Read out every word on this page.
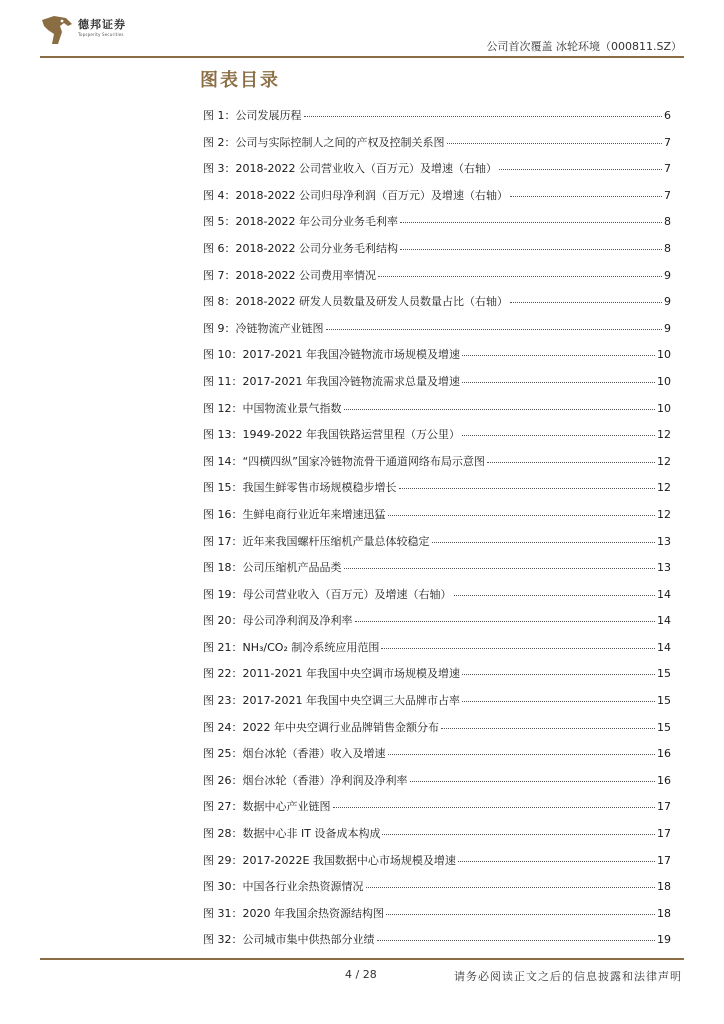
德邦证券
Topsperity Securities
公司首次覆盖 冰轮环境（000811.SZ）
图表目录
图 1：公司发展历程	6
图 2：公司与实际控制人之间的产权及控制关系图	7
图 3：2018-2022 公司营业收入（百万元）及增速（右轴）	7
图 4：2018-2022 公司归母净利润（百万元）及增速（右轴）	7
图 5：2018-2022 年公司分业务毛利率	8
图 6：2018-2022 公司分业务毛利结构	8
图 7：2018-2022 公司费用率情况	9
图 8：2018-2022 研发人员数量及研发人员数量占比（右轴）	9
图 9：冷链物流产业链图	9
图 10：2017-2021 年我国冷链物流市场规模及增速	10
图 11：2017-2021 年我国冷链物流需求总量及增速	10
图 12：中国物流业景气指数	10
图 13：1949-2022 年我国铁路运营里程（万公里）	12
图 14：“四横四纵”国家冷链物流骨干通道网络布局示意图	12
图 15：我国生鲜零售市场规模稳步增长	12
图 16：生鲜电商行业近年来增速迅猛	12
图 17：近年来我国螺杆压缩机产量总体较稳定	13
图 18：公司压缩机产品品类	13
图 19：母公司营业收入（百万元）及增速（右轴）	14
图 20：母公司净利润及净利率	14
图 21：NH₃/CO₂ 制冷系统应用范围	14
图 22：2011-2021 年我国中央空调市场规模及增速	15
图 23：2017-2021 年我国中央空调三大品牌市占率	15
图 24：2022 年中央空调行业品牌销售金额分布	15
图 25：烟台冰轮（香港）收入及增速	16
图 26：烟台冰轮（香港）净利润及净利率	16
图 27：数据中心产业链图	17
图 28：数据中心非 IT 设备成本构成	17
图 29：2017-2022E 我国数据中心市场规模及增速	17
图 30：中国各行业余热资源情况	18
图 31：2020 年我国余热资源结构图	18
图 32：公司城市集中供热部分业绩	19
4 / 28	请务必阅读正文之后的信息披露和法律声明
